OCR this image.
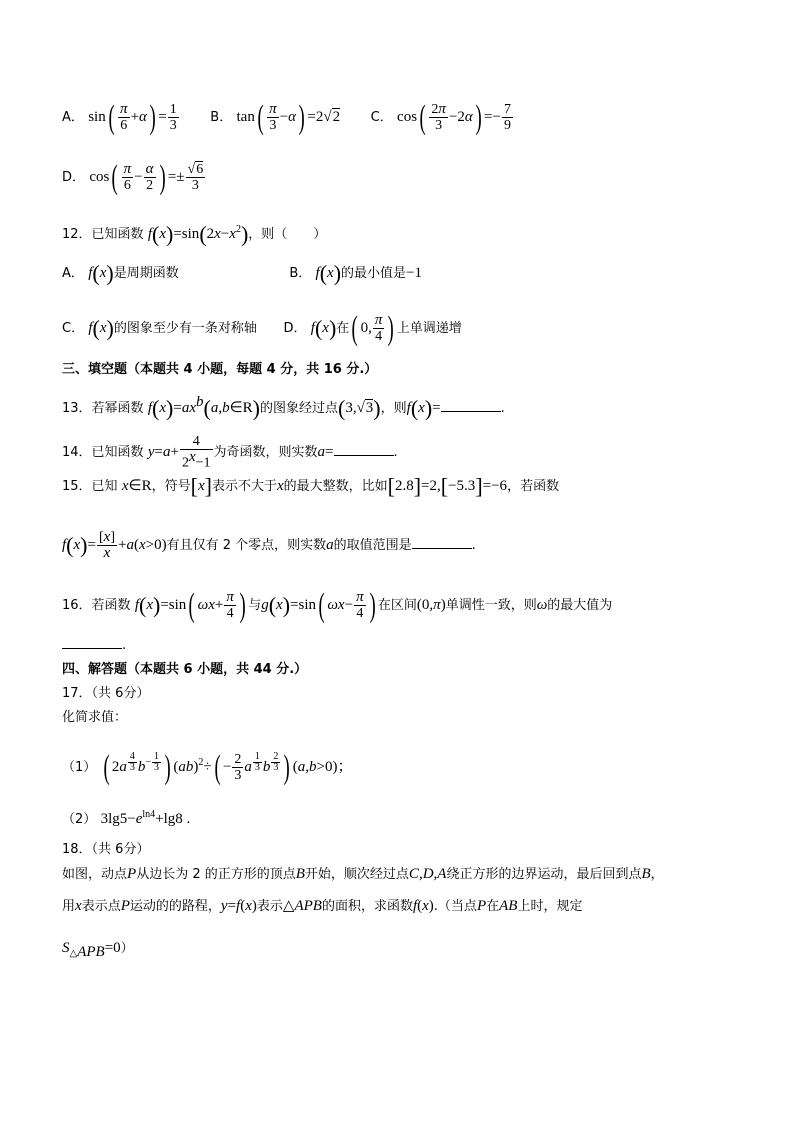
A． $\sin( \frac{\pi}{6} +\alpha) = \frac{1}{3}$ B． $\tan( \frac{\pi}{3} -\alpha) =2√2$ C． $\cos( \frac{2\pi}{3} -2\alpha) =- \frac{7}{9}$
D． $\cos( \frac{\pi}{6} - \frac{\alpha}{2}$ ) =± $\frac{√6}{3}$
12．已知函数 $f(x)=\sin(2x-x^2)$，则（　　）
A． f(x)是周期函数	B． f(x)的最小值是−1
C． f(x)的图象至少有一条对称轴 D． f(x)在( 0, $\frac{\pi}{4}$ ) 上单调递增
三、填空题（本题共 4 小题，每题 4 分，共 16 分.）
13．若幂函数 $f(x)=ax^b(a,b\in R)$的图象经过点(3,√3)，则f(x)=	.
14．已知函数 $y=a+ \frac{4}{2^x-1}$ 为奇函数，则实数a=	.
15．已知 x∈R，符号[x]表示不大于x的最大整数，比如[2.8]=2,[−5.3]=−6，若函数
$f(x)= \frac{[x]}{x} +a(x>0)$有且仅有 2 个零点，则实数a的取值范围是	.
16．若函数 f(x)=sin( $\omega x+ \frac{\pi}{4}$ ) 与g(x)=sin( $\omega x- \frac{\pi}{4}$ ) 在区间(0,π)单调性一致，则ω的最大值为
.
四、解答题（本题共 6 小题，共 44 分.）
17．（共 6分）
化简求值：
（1） ( 2a $^{\frac{4}{3}}$ $b^{- \frac{1}{3}}$ ) $(ab)^2\div( - \frac{2}{3}$ a $^{\frac{1}{3}}$ b $^{\frac{2}{3}}$ ) (a,b>0)；
（2） $3\lg 5-e^{ln4}+\lg 8$ .
18．（共 6分）
如图，动点P从边长为 2 的正方形的顶点B开始，顺次经过点C,D,A绕正方形的边界运动，最后回到点B，
用x表示点P运动的的路程，y=f(x)表示△APB的面积，求函数f(x).（当点P在AB上时，规定
$S_{\triangle APB}=0$）
